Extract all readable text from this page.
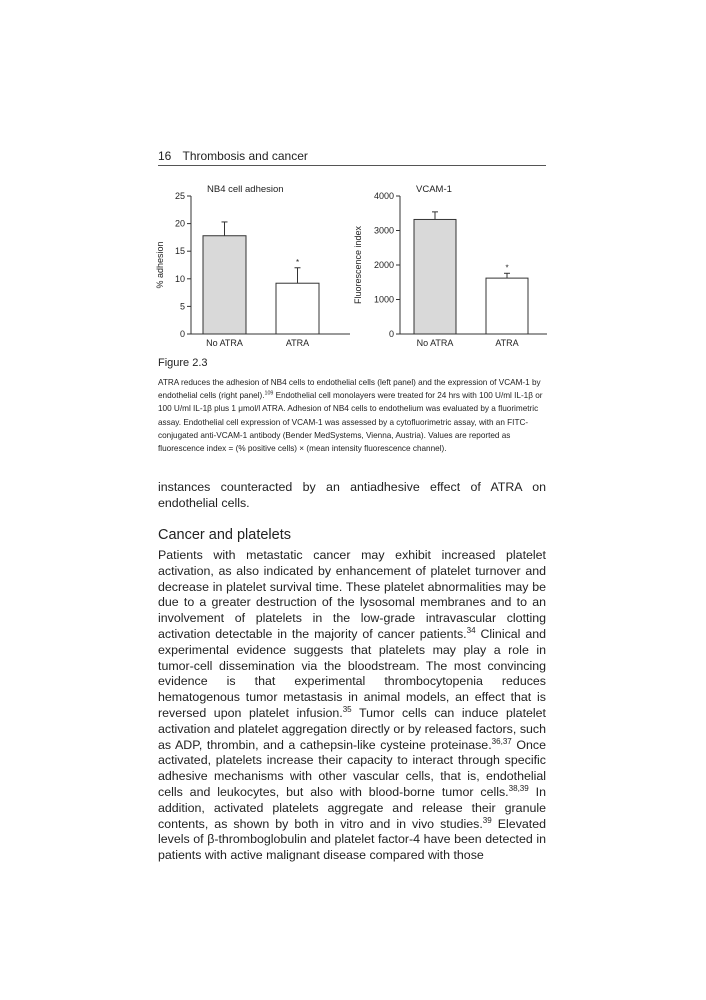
16 Thrombosis and cancer
0
5
10
15
20
25
NB4 cell adhesion
% adhesion
No ATRA
*
ATRA
0
1000
2000
3000
4000
VCAM-1
Fluorescence index
No ATRA
*
ATRA
Figure 2.3
ATRA reduces the adhesion of NB4 cells to endothelial cells (left panel) and the expression of VCAM-1 by endothelial cells (right panel).$^{109}$ Endothelial cell monolayers were treated for 24 hrs with 100 U/ml IL-1β or 100 U/ml IL-1β plus 1 μmol/l ATRA. Adhesion of NB4 cells to endothelium was evaluated by a fluorimetric assay. Endothelial cell expression of VCAM-1 was assessed by a cytofluorimetric assay, with an FITC-conjugated anti-VCAM-1 antibody (Bender MedSystems, Vienna, Austria). Values are reported as fluorescence index = (% positive cells) × (mean intensity fluorescence channel).
instances counteracted by an antiadhesive effect of ATRA on endothelial cells.
Cancer and platelets
Patients with metastatic cancer may exhibit increased platelet activation, as also indicated by enhancement of platelet turnover and decrease in platelet survival time. These platelet abnormalities may be due to a greater destruction of the lysosomal membranes and to an involvement of platelets in the low-grade intravascular clotting activation detectable in the majority of cancer patients.$^{34}$ Clinical and experimental evidence suggests that platelets may play a role in tumor-cell dissemination via the bloodstream. The most convincing evidence is that experimental thrombocytopenia reduces hematogenous tumor metastasis in animal models, an effect that is reversed upon platelet infusion.$^{35}$ Tumor cells can induce platelet activation and platelet aggregation directly or by released factors, such as ADP, thrombin, and a cathepsin-like cysteine proteinase.$^{36,37}$ Once activated, platelets increase their capacity to interact through specific adhesive mechanisms with other vascular cells, that is, endothelial cells and leukocytes, but also with blood-borne tumor cells.$^{38,39}$ In addition, activated platelets aggregate and release their granule contents, as shown by both in vitro and in vivo studies.$^{39}$ Elevated levels of β-thromboglobulin and platelet factor-4 have been detected in patients with active malignant disease compared with those
